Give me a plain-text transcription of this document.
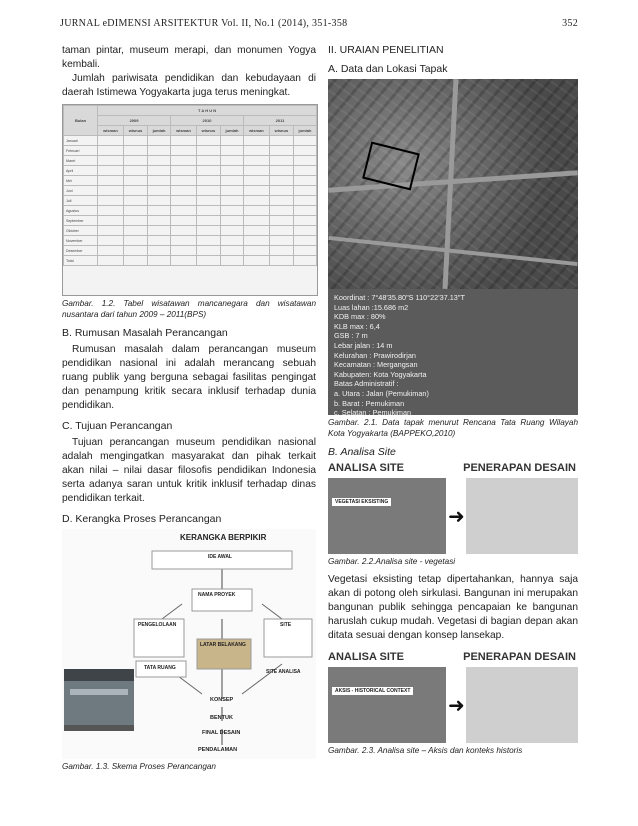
JURNAL eDIMENSI ARSITEKTUR Vol. II, No.1 (2014), 351-358	352

taman pintar, museum merapi, dan monumen Yogya kembali.

Jumlah pariwisata pendidikan dan kebudayaan di daerah Istimewa Yogyakarta juga terus meningkat.

Bulan	T A H U N								
	2009			2010			2011		
	wisman	wisnus	jumlah	wisman	wisnus	jumlah	wisman	wisnus	jumlah
Januari									
Februari									
Maret									
April									
Mei									
Juni									
Juli									
Agustus									
September									
Oktober									
November									
Desember									
Total									

Gambar. 1.2. Tabel wisatawan mancanegara dan wisatawan nusantara dari tahun 2009 – 2011(BPS)

B. Rumusan Masalah Perancangan

Rumusan masalah dalam perancangan museum pendidikan nasional ini adalah merancang sebuah ruang publik yang berguna sebagai fasilitas pengingat dan penampung kritik secara inklusif terhadap dunia pendidikan.

C. Tujuan Perancangan

Tujuan perancangan museum pendidikan nasional adalah mengingatkan masyarakat dan pihak terkait akan nilai – nilai dasar filosofis pendidikan Indonesia serta adanya saran untuk kritik inklusif terhadap dinas pendidikan terkait.

D. Kerangka Proses Perancangan
KERANGKA BERPIKIR
IDE AWAL
NAMA PROYEK
PENGELOLAAN
LATAR BELAKANG
SITE
SITE ANALISA
TATA RUANG
KONSEP
BENTUK
FINAL DESAIN
PENDALAMAN

Gambar. 1.3. Skema Proses Perancangan

II. URAIAN PENELITIAN
A. Data dan Lokasi Tapak
Koordinat : 7°48'35.80"S 110°22'37.13"T
Luas lahan :15.686 m2
KDB max : 80%
KLB max : 6,4
GSB : 7 m
Lebar jalan : 14 m
Kelurahan : Prawirodirjan
Kecamatan : Mergangsan
Kabupaten: Kota Yogyakarta
Batas Administratif :
a. Utara : Jalan (Pemukiman)
b. Barat : Pemukiman
c. Selatan : Pemukiman

Gambar. 2.1. Data tapak menurut Rencana Tata Ruang Wilayah Kota Yogyakarta (BAPPEKO,2010)

B. Analisa Site
ANALISA SITE	PENERAPAN DESAIN
VEGETASI EKSISTING
➜

Gambar. 2.2.Analisa site - vegetasi

Vegetasi eksisting tetap dipertahankan, hannya saja akan di potong oleh sirkulasi. Bangunan ini merupakan bangunan publik sehingga pencapaian ke bangunan haruslah cukup mudah. Vegetasi di bagian depan akan ditata sesuai dengan konsep lansekap.

ANALISA SITE	PENERAPAN DESAIN
AKSIS - HISTORICAL CONTEXT
➜

Gambar. 2.3. Analisa site – Aksis dan konteks historis
